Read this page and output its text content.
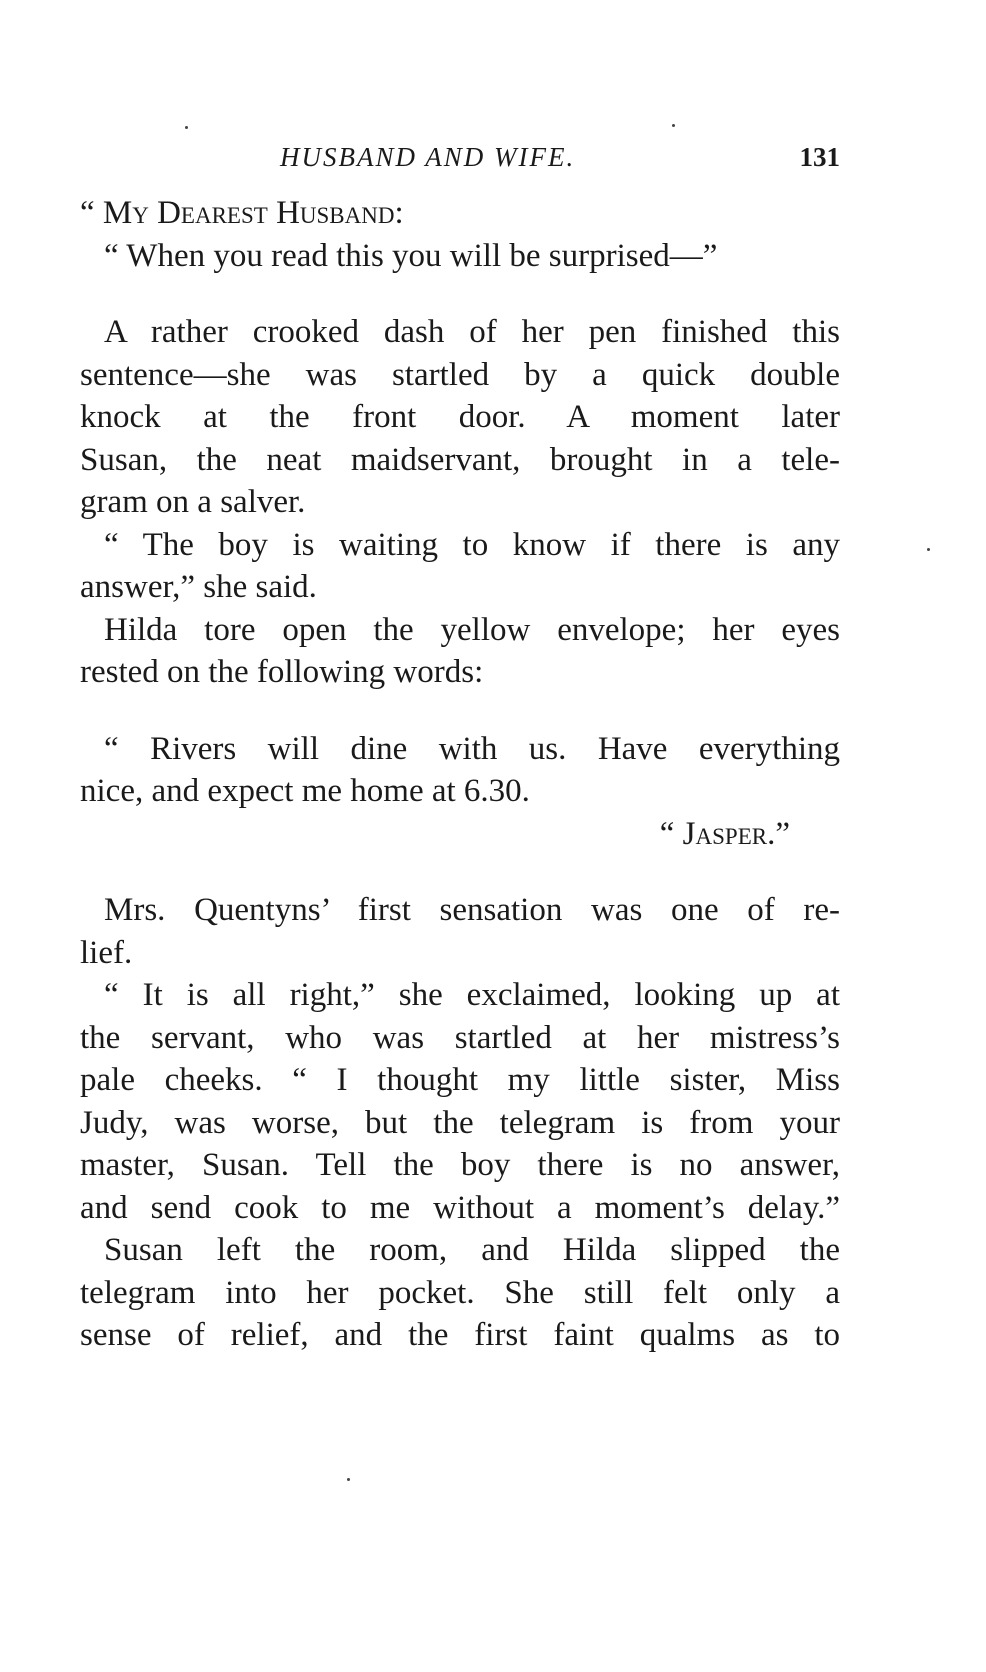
HUSBAND AND WIFE.	131
“ My Dearest Husband:
“ When you read this you will be surprised—”
A rather crooked dash of her pen finished this
sentence—she was startled by a quick double
knock at the front door. A moment later
Susan, the neat maidservant, brought in a tele-
gram on a salver.
“ The boy is waiting to know if there is any
answer,” she said.
Hilda tore open the yellow envelope; her eyes
rested on the following words:
“ Rivers will dine with us. Have everything
nice, and expect me home at 6.30.
“ Jasper.”
Mrs. Quentyns’ first sensation was one of re-
lief.
“ It is all right,” she exclaimed, looking up at
the servant, who was startled at her mistress’s
pale cheeks. “ I thought my little sister, Miss
Judy, was worse, but the telegram is from your
master, Susan. Tell the boy there is no answer,
and send cook to me without a moment’s delay.”
Susan left the room, and Hilda slipped the
telegram into her pocket. She still felt only a
sense of relief, and the first faint qualms as to
